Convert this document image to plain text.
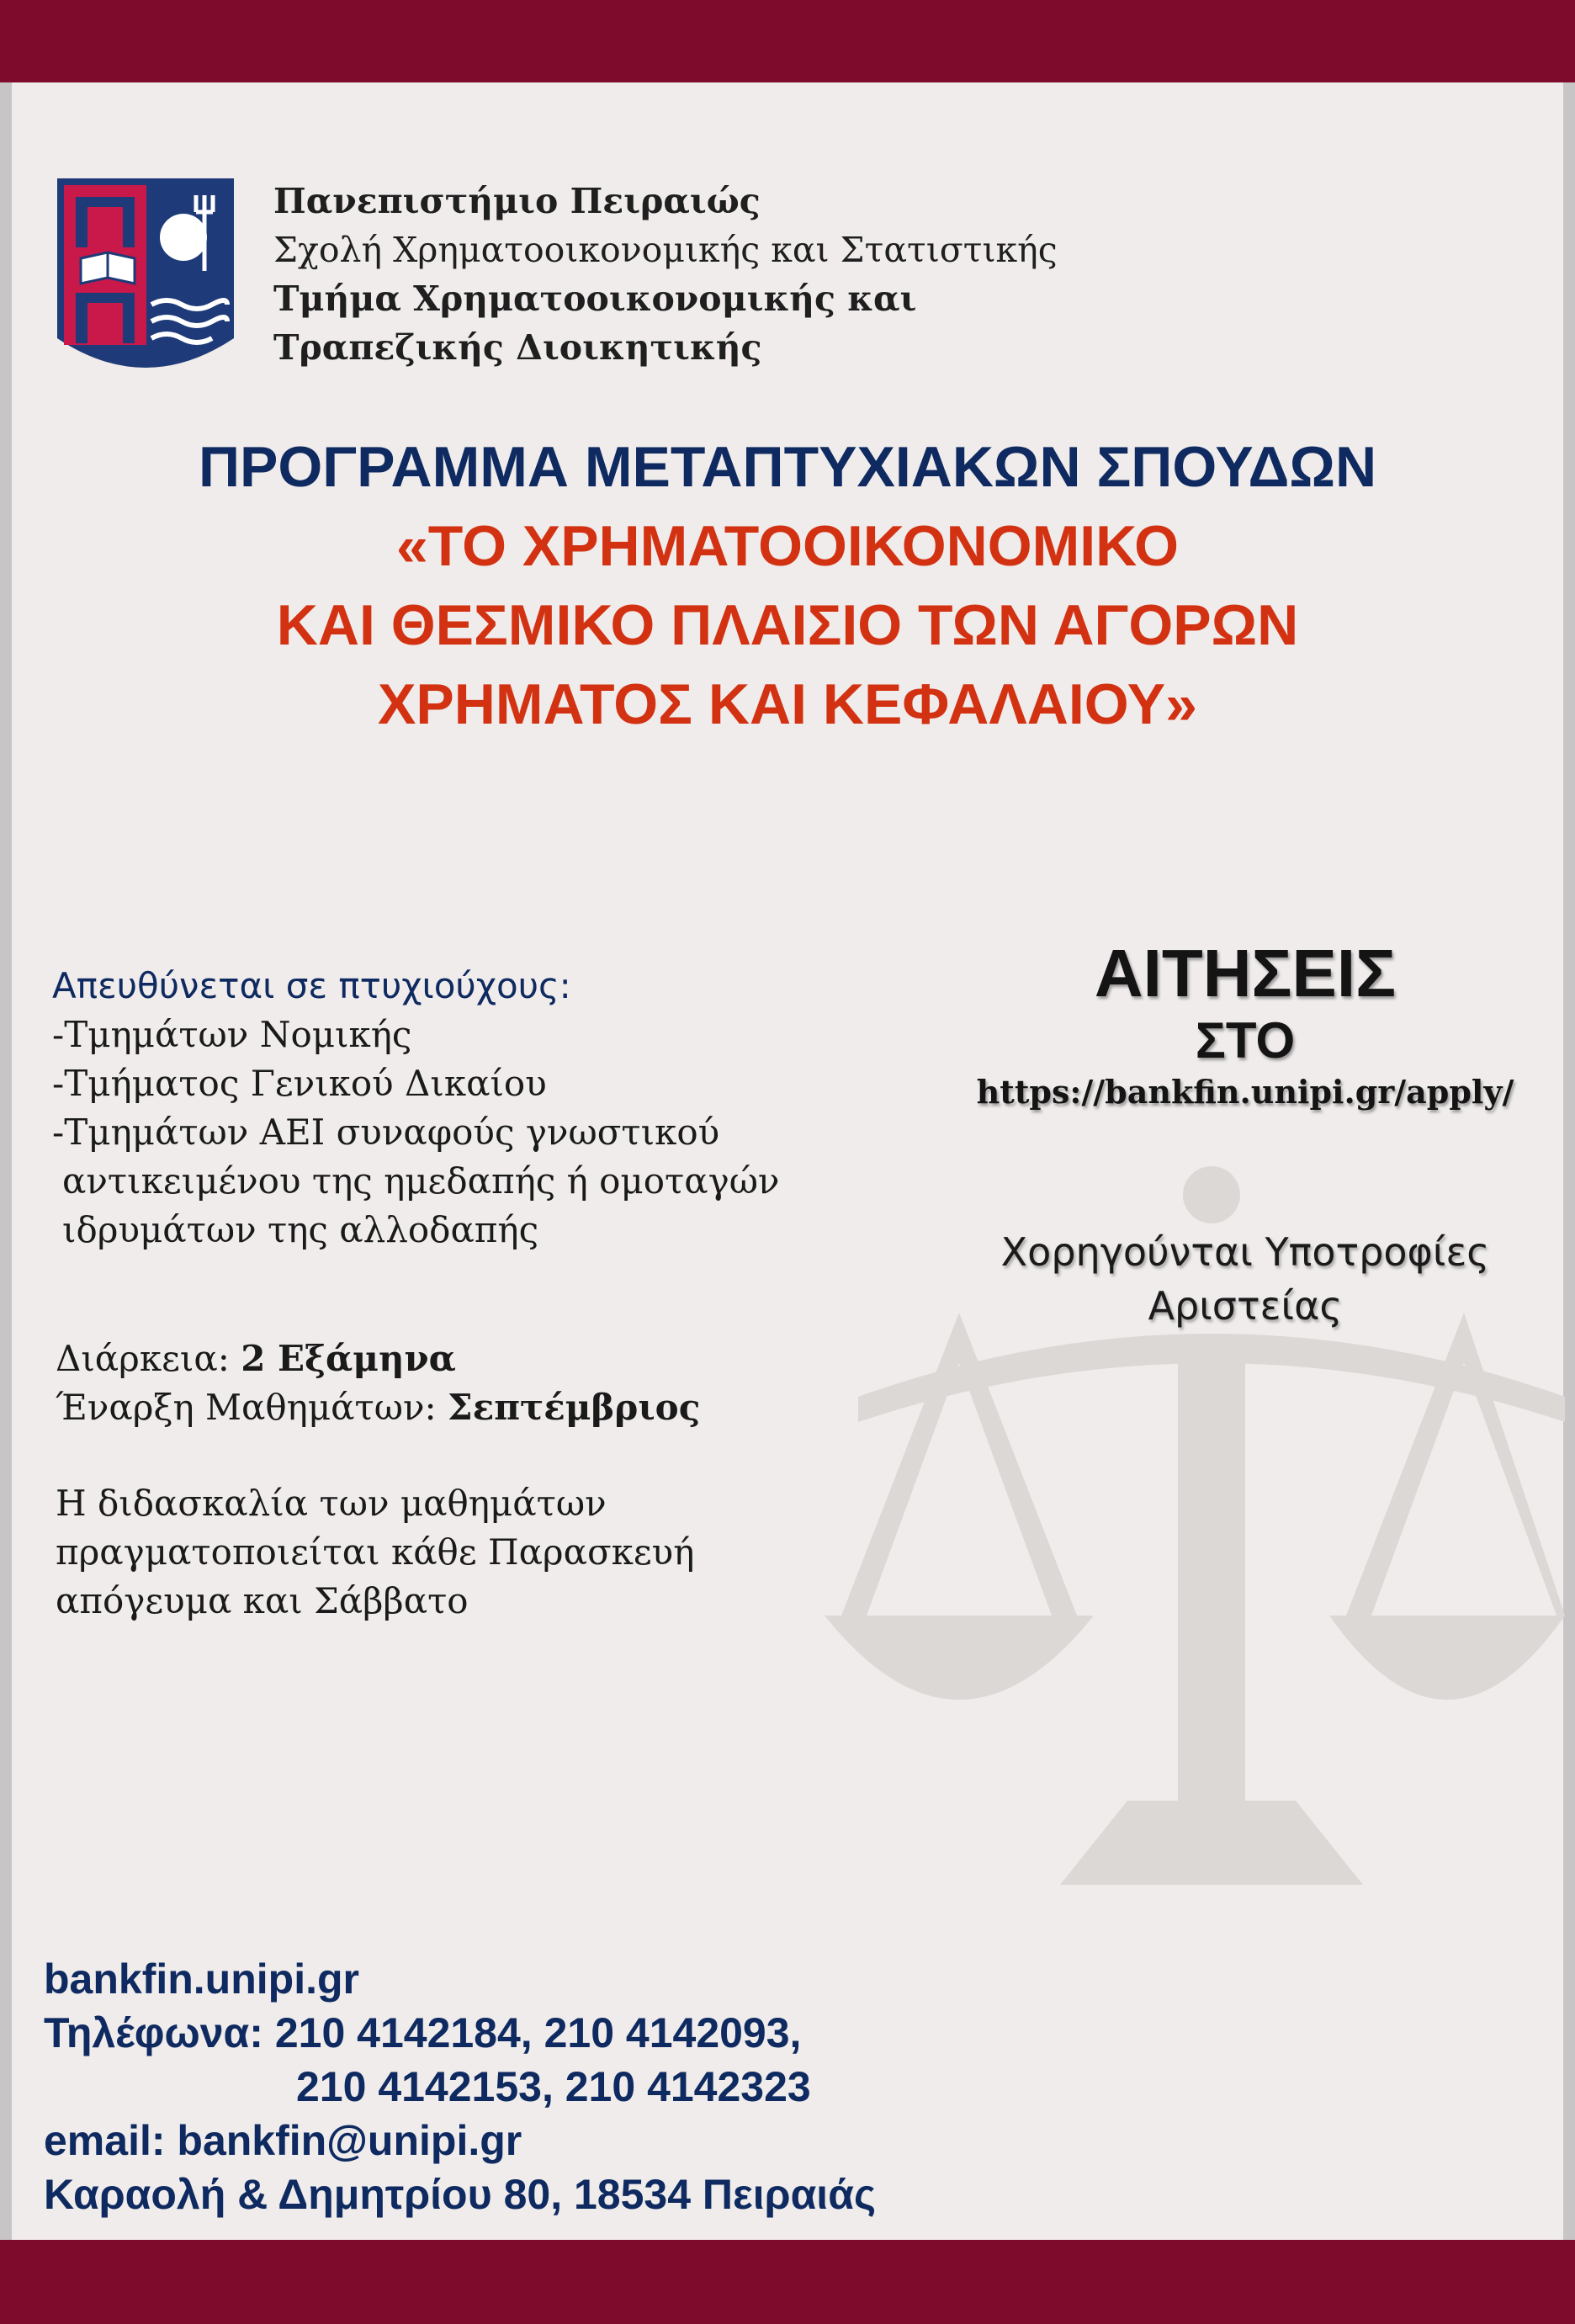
Πανεπιστήμιο Πειραιώς
Σχολή Χρηματοοικονομικής και Στατιστικής
Τμήμα Χρηματοοικονομικής και
Τραπεζικής Διοικητικής
ΠΡΟΓΡΑΜΜΑ ΜΕΤΑΠΤΥΧΙΑΚΩΝ ΣΠΟΥΔΩΝ
«ΤΟ ΧΡΗΜΑΤΟΟΙΚΟΝΟΜΙΚΟ
ΚΑΙ ΘΕΣΜΙΚΟ ΠΛΑΙΣΙΟ ΤΩΝ ΑΓΟΡΩΝ
ΧΡΗΜΑΤΟΣ ΚΑΙ ΚΕΦΑΛΑΙΟΥ»
Απευθύνεται σε πτυχιούχους:
-Τμημάτων Νομικής
-Τμήματος Γενικού Δικαίου
-Τμημάτων ΑΕΙ συναφούς γνωστικού
αντικειμένου της ημεδαπής ή ομοταγών
ιδρυμάτων της αλλοδαπής
Διάρκεια: 2 Εξάμηνα
Έναρξη Μαθημάτων: Σεπτέμβριος
Η διδασκαλία των μαθημάτων
πραγματοποιείται κάθε Παρασκευή
απόγευμα και Σάββατο
ΑΙΤΗΣΕΙΣ
ΣΤΟ
https://bankfin.unipi.gr/apply/
Χορηγούνται Υποτροφίες
Αριστείας
bankfin.unipi.gr
Τηλέφωνα: 210 4142184, 210 4142093,
210 4142153, 210 4142323
email: bankfin@unipi.gr
Καραολή & Δημητρίου 80, 18534 Πειραιάς
